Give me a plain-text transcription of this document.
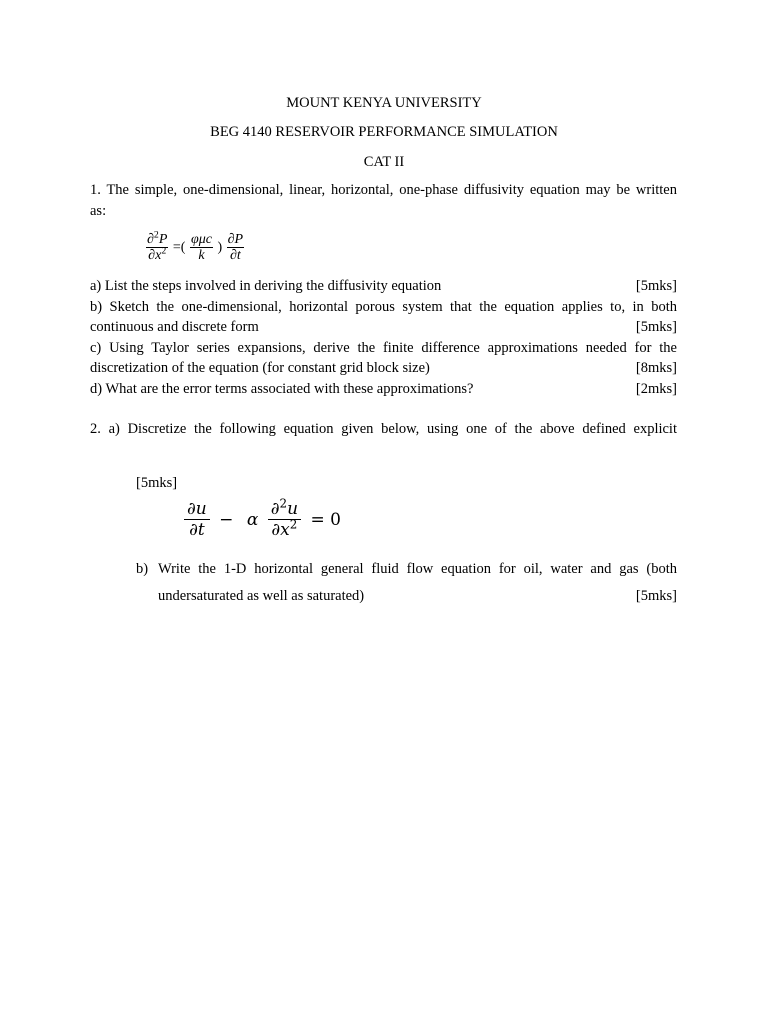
MOUNT KENYA UNIVERSITY
BEG 4140 RESERVOIR PERFORMANCE SIMULATION
CAT II
1. The simple, one-dimensional, linear, horizontal, one-phase diffusivity equation may be written
as:
$\frac{\partial^2P}{\partial x^2}$ =( $\frac{\text{φμc}}{k}$ ) $\frac{\partial P}{\partial t}$
a) List the steps involved in deriving the diffusivity equation	[5mks]
b) Sketch the one-dimensional, horizontal porous system that the equation applies to, in both
continuous and discrete form	[5mks]
c) Using Taylor series expansions, derive the finite difference approximations needed for the
discretization of the equation (for constant grid block size)	[8mks]
d) What are the error terms associated with these approximations?	[2mks]
2. a) Discretize the following equation given below, using one of the above defined explicit
[5mks]
$\frac{\partial u}{\partial t} - \alpha \frac{\partial^2u}{\partial x^2} = 0$
b) Write the 1-D horizontal general fluid flow equation for oil, water and gas (both
undersaturated as well as saturated)	[5mks]
